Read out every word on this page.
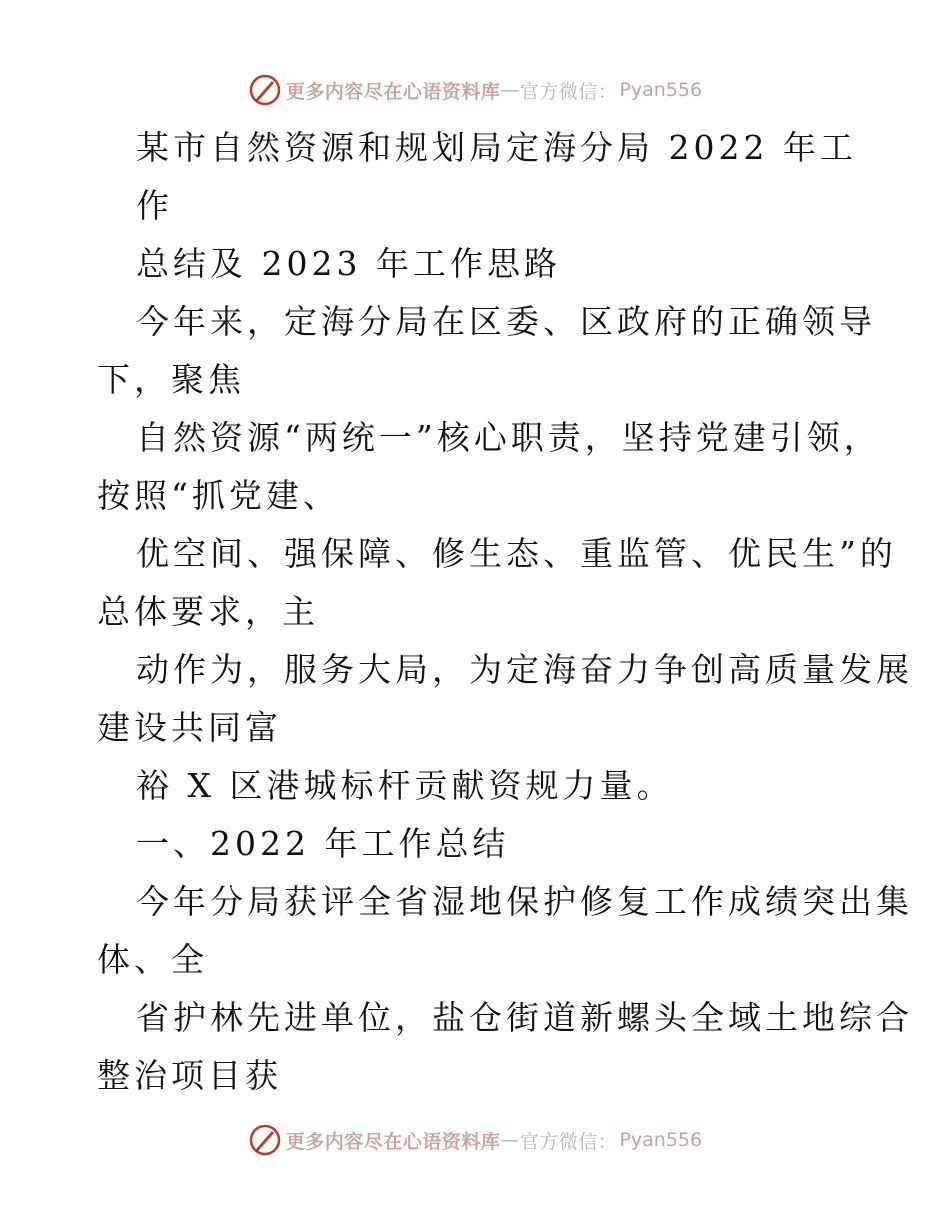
更多内容尽在心语资料库 — 官方微信： Pyan556
某市自然资源和规划局定海分局 2022 年工
作
总结及 2023 年工作思路
今年来，定海分局在区委、区政府的正确领导
下，聚焦
自然资源“两统一”核心职责，坚持党建引领，
按照“抓党建、
优空间、强保障、修生态、重监管、优民生”的
总体要求，主
动作为，服务大局，为定海奋力争创高质量发展
建设共同富
裕 X 区港城标杆贡献资规力量。
一、2022 年工作总结
今年分局获评全省湿地保护修复工作成绩突出集
体、全
省护林先进单位，盐仓街道新螺头全域土地综合
整治项目获
更多内容尽在心语资料库 — 官方微信： Pyan556
